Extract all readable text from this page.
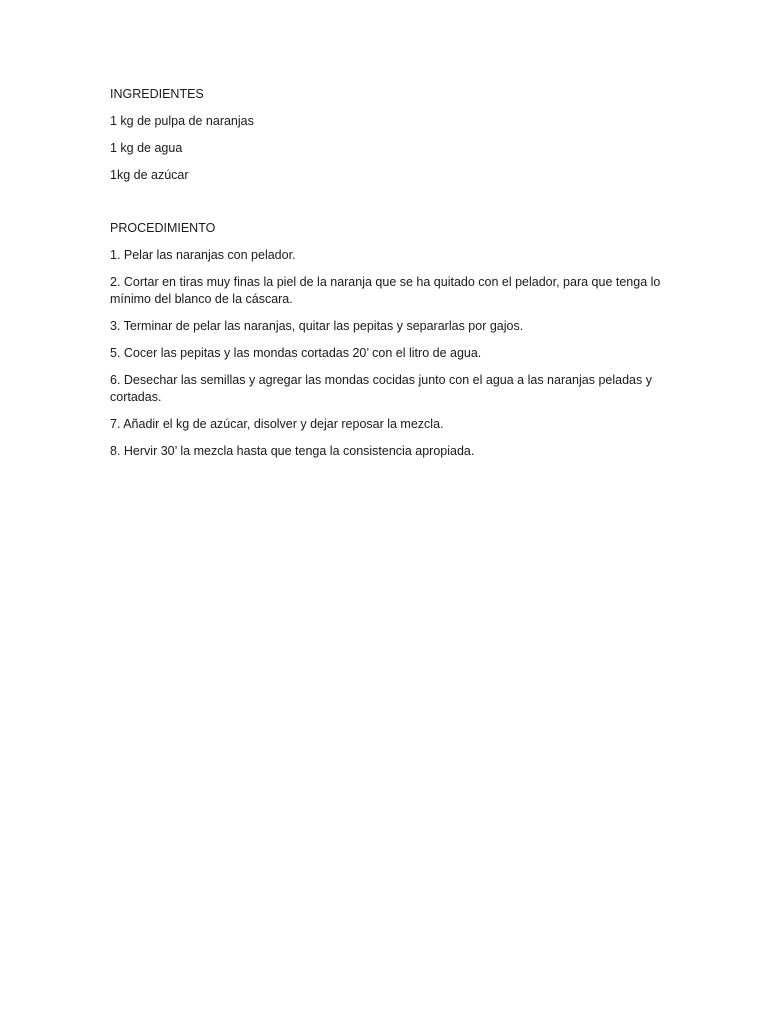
INGREDIENTES
1 kg de pulpa de naranjas
1 kg de agua
1kg de azúcar
PROCEDIMIENTO
1. Pelar las naranjas con pelador.
2. Cortar en tiras muy finas la piel de la naranja que se ha quitado con el pelador, para que tenga lo mínimo del blanco de la cáscara.
3. Terminar de pelar las naranjas, quitar las pepitas y separarlas por gajos.
5. Cocer las pepitas y las mondas cortadas 20’ con el litro de agua.
6. Desechar las semillas y agregar las mondas cocidas junto con el agua a las naranjas peladas y cortadas.
7. Añadir el kg de azúcar, disolver y dejar reposar la mezcla.
8. Hervir 30’ la mezcla hasta que tenga la consistencia apropiada.
